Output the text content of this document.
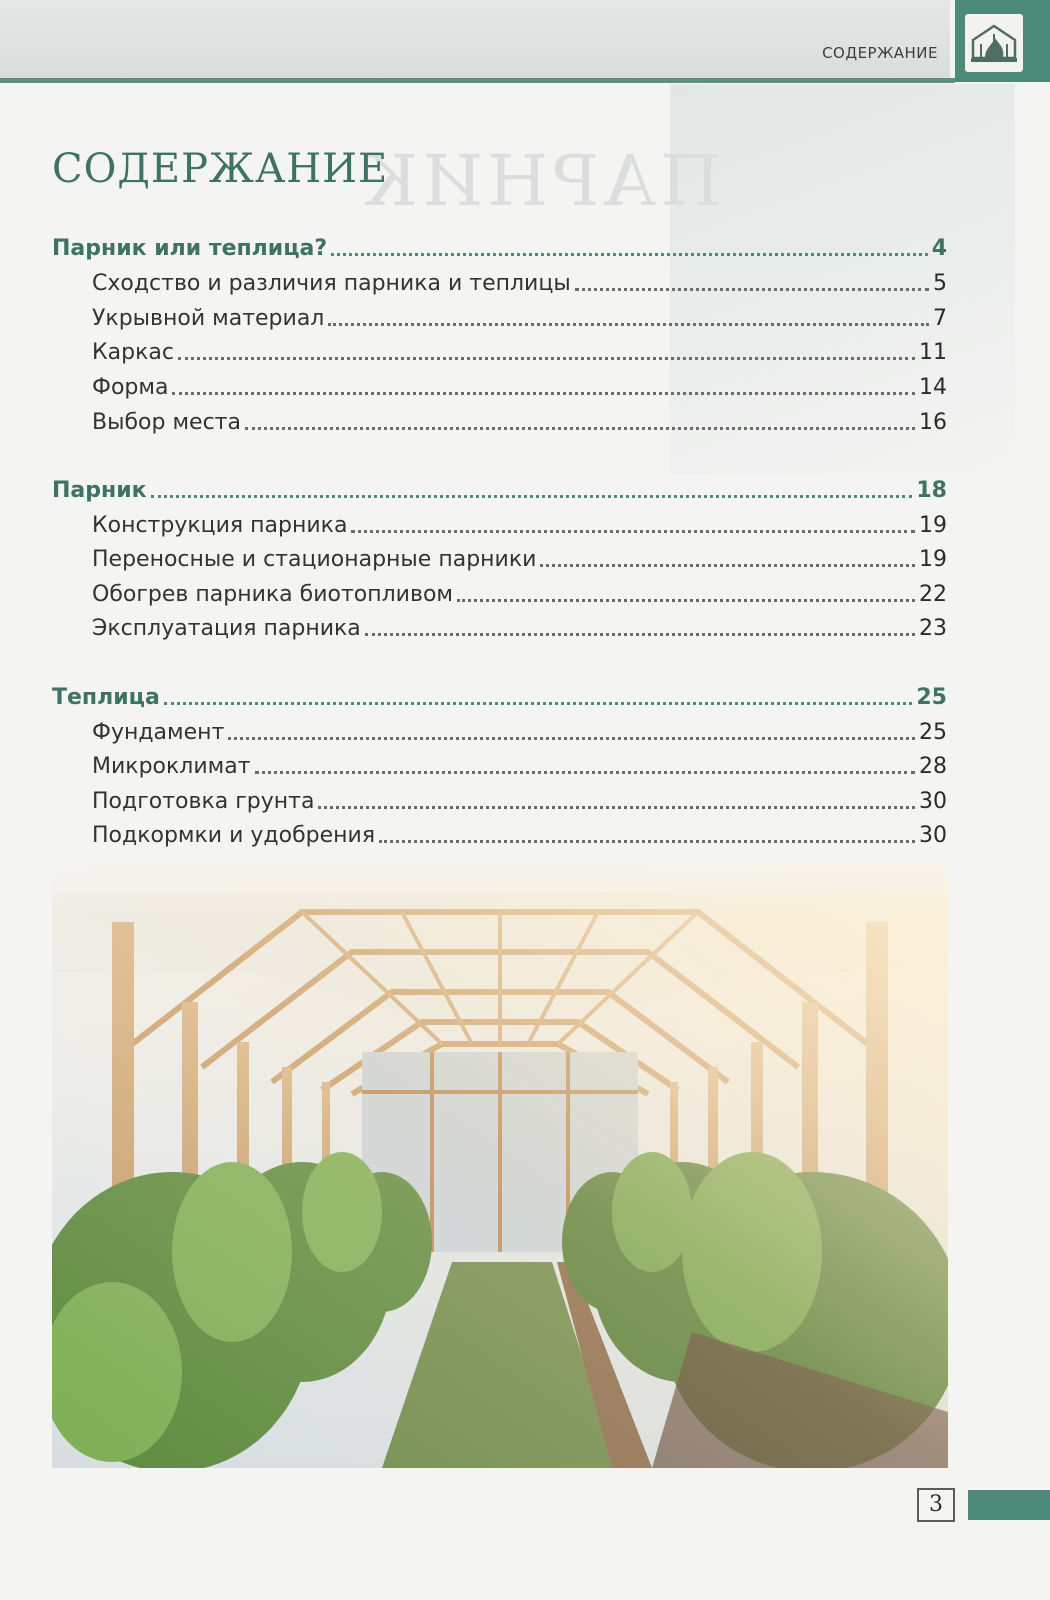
СОДЕРЖАНИЕ
ПАРНИК
СОДЕРЖАНИЕ
Парник или теплица?	4
Сходство и различия парника и теплицы	5
Укрывной материал	7
Каркас	11
Форма	14
Выбор места	16
Парник	18
Конструкция парника	19
Переносные и стационарные парники	19
Обогрев парника биотопливом	22
Эксплуатация парника	23
Теплица	25
Фундамент	25
Микроклимат	28
Подготовка грунта	30
Подкормки и удобрения	30
3
